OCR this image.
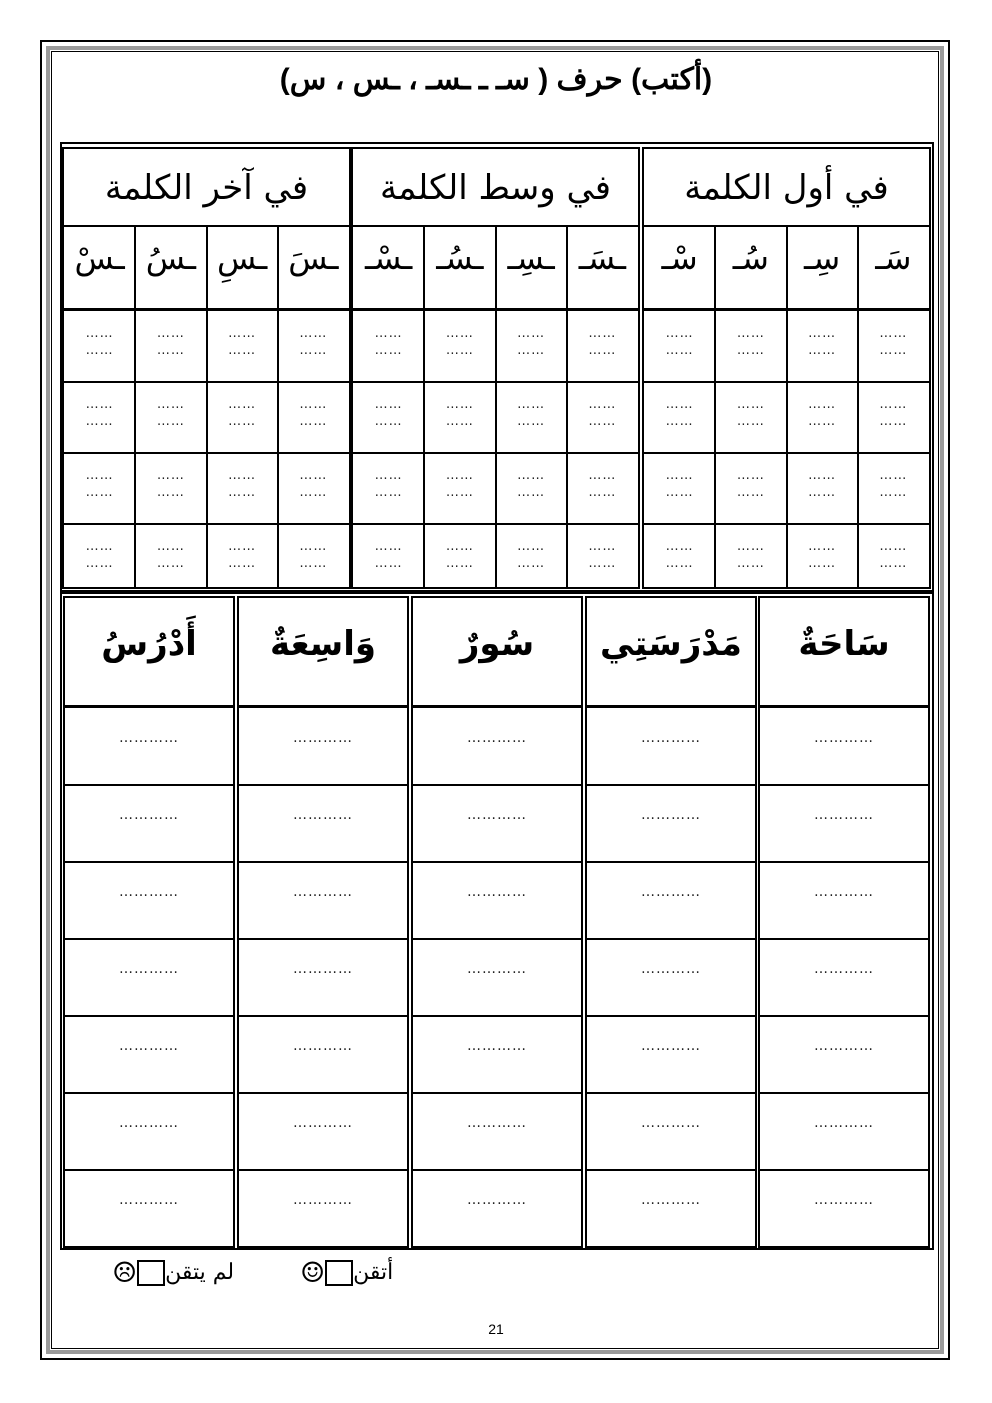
(أكتب) حرف ( سـ ـ ـسـ ، ـس ، س)
في أول الكلمة
سَـ
سِـ
سُـ
سْـ
……
……
……
……
……
……
……
……
……
……
……
……
……
……
……
……
……
……
……
……
……
……
……
……
……
……
……
……
……
……
……
……
في وسط الكلمة
ـسَـ
ـسِـ
ـسُـ
ـسْـ
……
……
……
……
……
……
……
……
……
……
……
……
……
……
……
……
……
……
……
……
……
……
……
……
……
……
……
……
……
……
……
……
في آخر الكلمة
ـسَ
ـسِ
ـسُ
ـسْ
……
……
……
……
……
……
……
……
……
……
……
……
……
……
……
……
……
……
……
……
……
……
……
……
……
……
……
……
……
……
……
……
سَاحَةٌ
…………
…………
…………
…………
…………
…………
…………
مَدْرَسَتِي
…………
…………
…………
…………
…………
…………
…………
سُورٌ
…………
…………
…………
…………
…………
…………
…………
وَاسِعَةٌ
…………
…………
…………
…………
…………
…………
…………
أَدْرُسُ
…………
…………
…………
…………
…………
…………
…………
أتقن☺
لم يتقن☹
21
